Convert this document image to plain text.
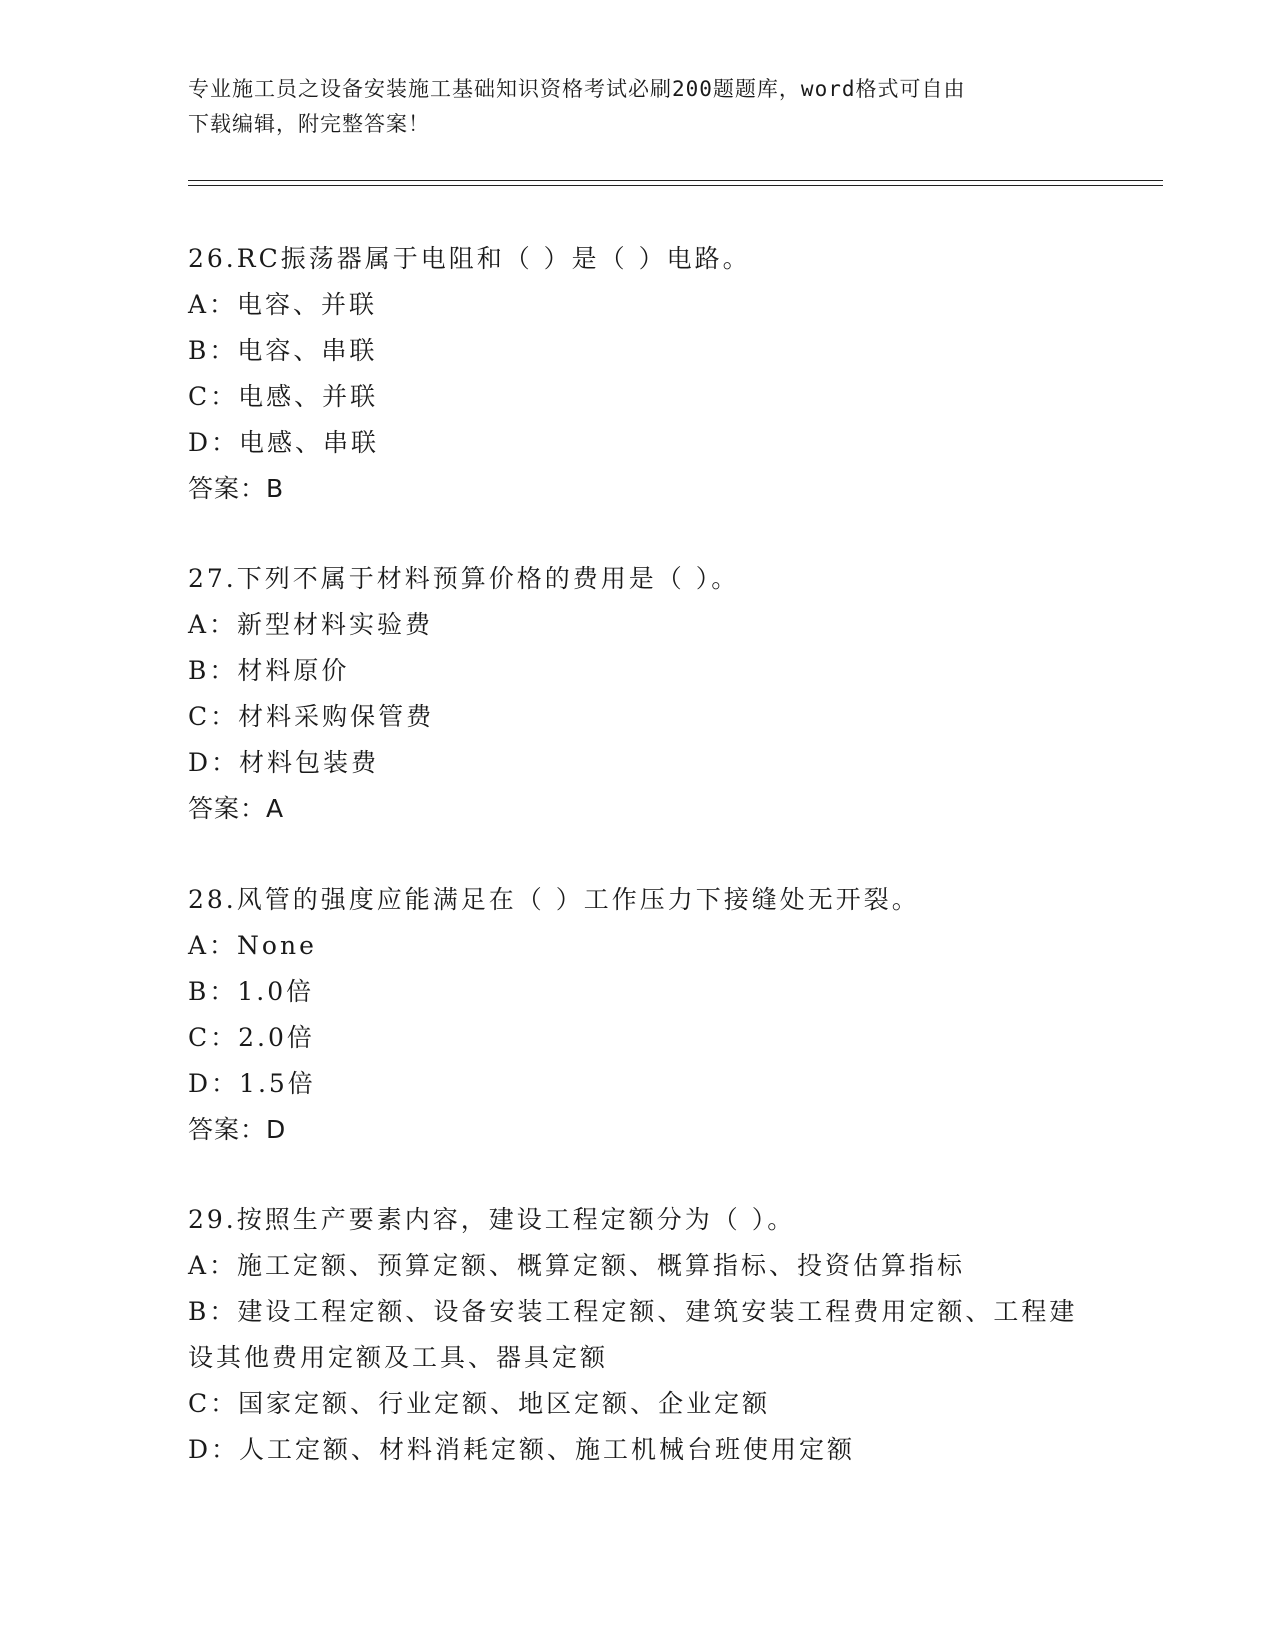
专业施工员之设备安装施工基础知识资格考试必刷200题题库，word格式可自由
下载编辑，附完整答案！
26.RC振荡器属于电阻和（ ）是（ ）电路。
A：电容、并联
B：电容、串联
C：电感、并联
D：电感、串联
答案：B
27.下列不属于材料预算价格的费用是（ ）。
A：新型材料实验费
B：材料原价
C：材料采购保管费
D：材料包装费
答案：A
28.风管的强度应能满足在（ ）工作压力下接缝处无开裂。
A：None
B：1.0倍
C：2.0倍
D：1.5倍
答案：D
29.按照生产要素内容，建设工程定额分为（ ）。
A：施工定额、预算定额、概算定额、概算指标、投资估算指标
B：建设工程定额、设备安装工程定额、建筑安装工程费用定额、工程建设其他费用定额及工具、器具定额
C：国家定额、行业定额、地区定额、企业定额
D：人工定额、材料消耗定额、施工机械台班使用定额
